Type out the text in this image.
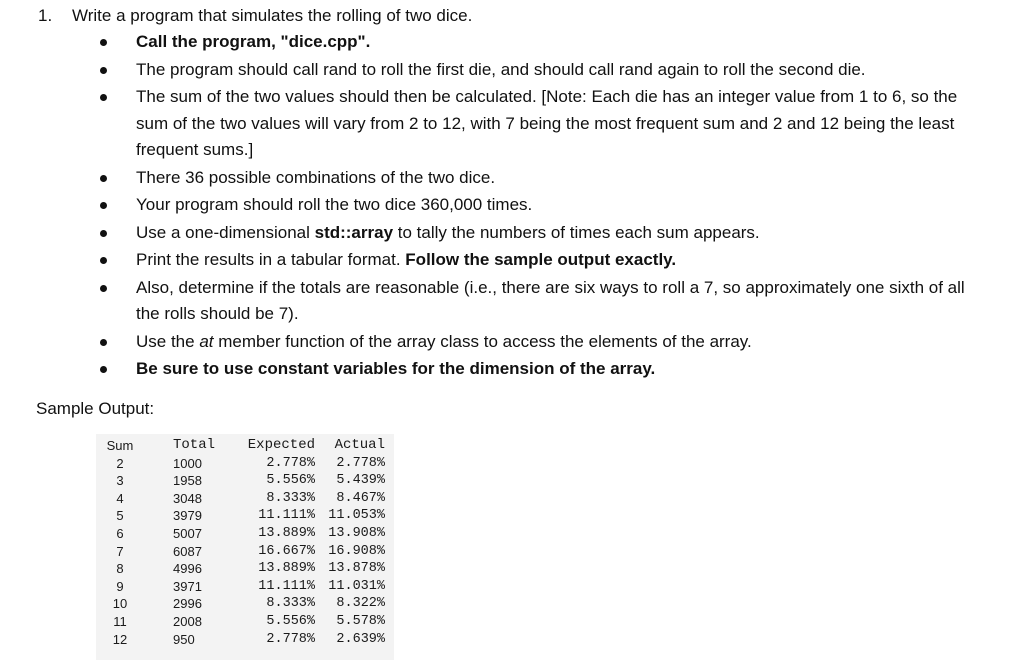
1. Write a program that simulates the rolling of two dice.
Call the program, "dice.cpp".
The program should call rand to roll the first die, and should call rand again to roll the second die.
The sum of the two values should then be calculated. [Note: Each die has an integer value from 1 to 6, so the sum of the two values will vary from 2 to 12, with 7 being the most frequent sum and 2 and 12 being the least frequent sums.]
There 36 possible combinations of the two dice.
Your program should roll the two dice 360,000 times.
Use a one-dimensional std::array to tally the numbers of times each sum appears.
Print the results in a tabular format. Follow the sample output exactly.
Also, determine if the totals are reasonable (i.e., there are six ways to roll a 7, so approximately one sixth of all the rolls should be 7).
Use the at member function of the array class to access the elements of the array.
Be sure to use constant variables for the dimension of the array.
Sample Output:
Sum		Total	Expected	Actual
2		1000	2.778%	2.778%
3		1958	5.556%	5.439%
4		3048	8.333%	8.467%
5		3979	11.111%	11.053%
6		5007	13.889%	13.908%
7		6087	16.667%	16.908%
8		4996	13.889%	13.878%
9		3971	11.111%	11.031%
10		2996	8.333%	8.322%
11		2008	5.556%	5.578%
12		950	2.778%	2.639%
